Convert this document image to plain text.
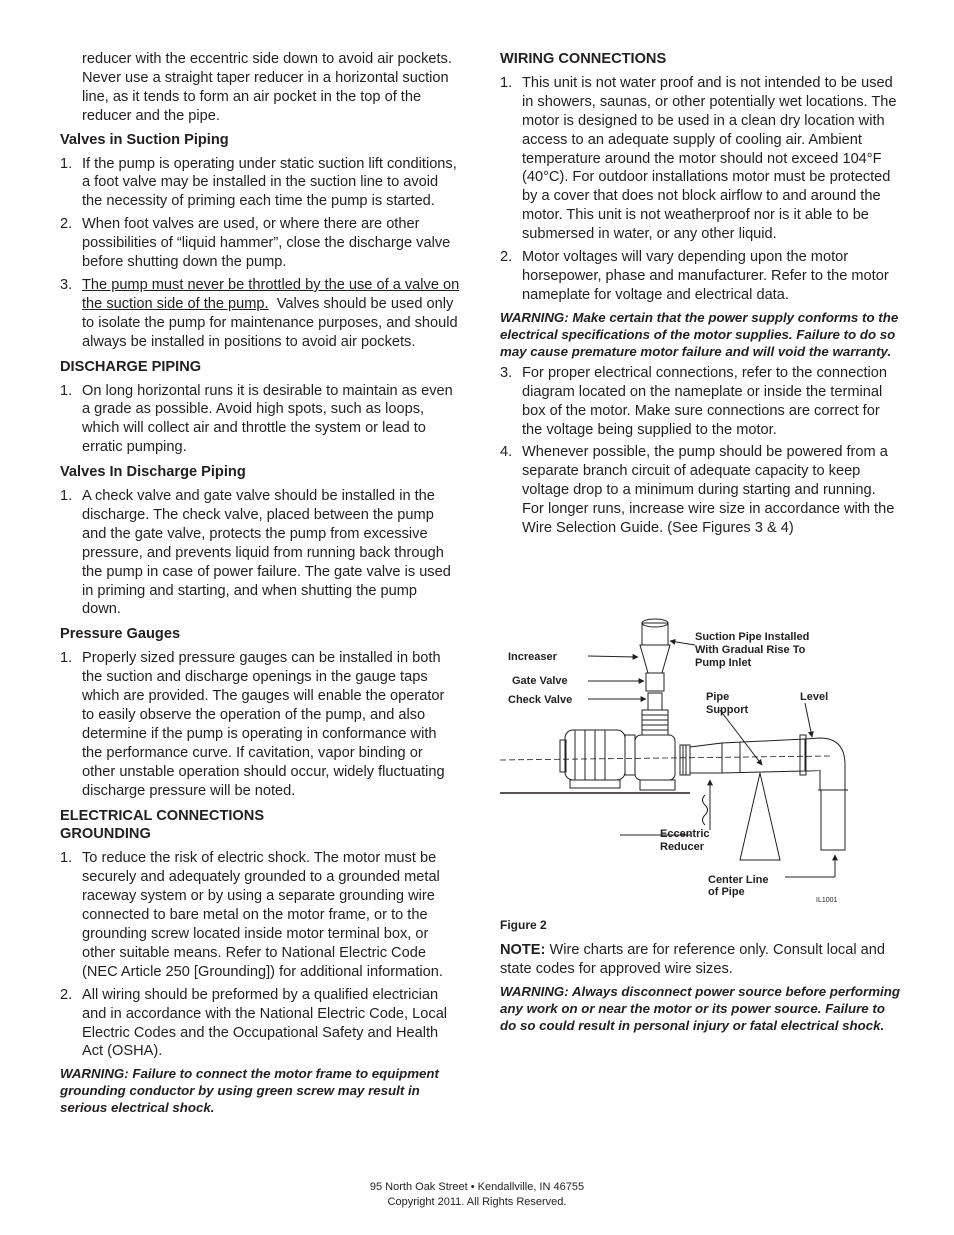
reducer with the eccentric side down to avoid air pockets. Never use a straight taper reducer in a horizontal suction line, as it tends to form an air pocket in the top of the reducer and the pipe.

Valves in Suction Piping
1. If the pump is operating under static suction lift conditions, a foot valve may be installed in the suction line to avoid the necessity of priming each time the pump is started.
2. When foot valves are used, or where there are other possibilities of “liquid hammer”, close the discharge valve before shutting down the pump.
3. The pump must never be throttled by the use of a valve on the suction side of the pump. Valves should be used only to isolate the pump for maintenance purposes, and should always be installed in positions to avoid air pockets.
DISCHARGE PIPING
1. On long horizontal runs it is desirable to maintain as even a grade as possible. Avoid high spots, such as loops, which will collect air and throttle the system or lead to erratic pumping.
Valves In Discharge Piping
1. A check valve and gate valve should be installed in the discharge. The check valve, placed between the pump and the gate valve, protects the pump from excessive pressure, and prevents liquid from running back through the pump in case of power failure. The gate valve is used in priming and starting, and when shutting the pump down.
Pressure Gauges
1. Properly sized pressure gauges can be installed in both the suction and discharge openings in the gauge taps which are provided. The gauges will enable the operator to easily observe the operation of the pump, and also determine if the pump is operating in conformance with the performance curve. If cavitation, vapor binding or other unstable operation should occur, widely fluctuating discharge pressure will be noted.
ELECTRICAL CONNECTIONS
GROUNDING
1. To reduce the risk of electric shock. The motor must be securely and adequately grounded to a grounded metal raceway system or by using a separate grounding wire connected to bare metal on the motor frame, or to the grounding screw located inside motor terminal box, or other suitable means. Refer to National Electric Code (NEC Article 250 [Grounding]) for additional information.
2. All wiring should be preformed by a qualified electrician and in accordance with the National Electric Code, Local Electric Codes and the Occupational Safety and Health Act (OSHA).

WARNING: Failure to connect the motor frame to equipment grounding conductor by using green screw may result in serious electrical shock.

WIRING CONNECTIONS
1. This unit is not water proof and is not intended to be used in showers, saunas, or other potentially wet locations. The motor is designed to be used in a clean dry location with access to an adequate supply of cooling air. Ambient temperature around the motor should not exceed 104°F (40°C). For outdoor installations motor must be protected by a cover that does not block airflow to and around the motor. This unit is not weatherproof nor is it able to be submersed in water, or any other liquid.
2. Motor voltages will vary depending upon the motor horsepower, phase and manufacturer. Refer to the motor nameplate for voltage and electrical data.

WARNING: Make certain that the power supply conforms to the electrical specifications of the motor supplies. Failure to do so may cause premature motor failure and will void the warranty.

3. For proper electrical connections, refer to the connection diagram located on the nameplate or inside the terminal box of the motor. Make sure connections are correct for the voltage being supplied to the motor.
4. Whenever possible, the pump should be powered from a separate branch circuit of adequate capacity to keep voltage drop to a minimum during starting and running. For longer runs, increase wire size in accordance with the Wire Selection Guide. (See Figures 3 & 4)
Increaser
Gate Valve
Check Valve
Suction Pipe Installed
With Gradual Rise To
Pump Inlet
Pipe
Support
Level
Eccentric
Reducer
Center Line
of Pipe
IL1001
Figure 2

NOTE: Wire charts are for reference only. Consult local and state codes for approved wire sizes.

WARNING: Always disconnect power source before performing any work on or near the motor or its power source. Failure to do so could result in personal injury or fatal electrical shock.

95 North Oak Street • Kendallville, IN 46755
Copyright 2011. All Rights Reserved.
